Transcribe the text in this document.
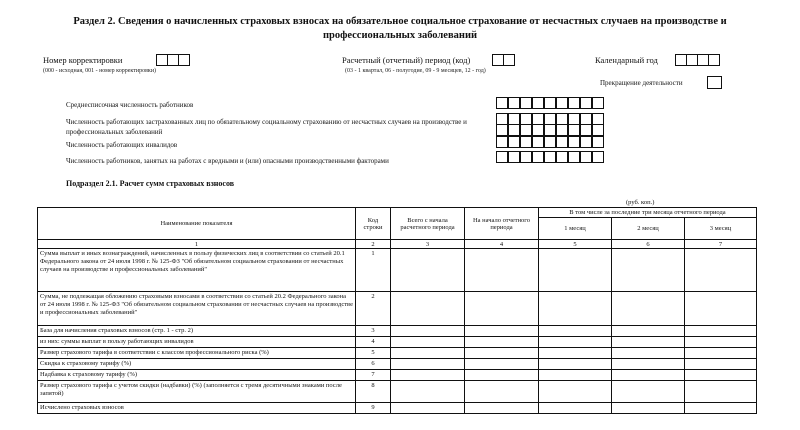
Раздел 2. Сведения о начисленных страховых взносах на обязательное социальное страхование от несчастных случаев на производстве и профессиональных заболеваний
Номер корректировки
(000 - исходная, 001 - номер корректировки)
Расчетный (отчетный) период (код)
(03 - 1 квартал, 06 - полугодие, 09 - 9 месяцев, 12 - год)
Календарный год
Прекращение деятельности
Среднесписочная численность работников
Численность работающих застрахованных лиц по обязательному социальному страхованию от несчастных случаев на производстве и профессиональных заболеваний
Численность работающих инвалидов
Численность работников, занятых на работах с вредными и (или) опасными производственными факторами
Подраздел 2.1. Расчет сумм страховых взносов
(руб. коп.)
Наименование показателя	Код строки	Всего с начала расчетного периода	На начало отчетного периода	В том числе за последние три месяца отчетного периода		
				1 месяц	2 месяц	3 месяц
1	2	3	4	5	6	7
Сумма выплат и иных вознаграждений, начисленных в пользу физических лиц в соответствии со статьей 20.1 Федерального закона от 24 июля 1998 г. № 125-ФЗ "Об обязательном социальном страховании от несчастных случаев на производстве и профессиональных заболеваний"	1					
Сумма, не подлежащая обложению страховыми взносами в соответствии со статьей 20.2 Федерального закона от 24 июля 1998 г. № 125-ФЗ "Об обязательном социальном страховании от несчастных случаев на производстве и профессиональных заболеваний"	2					
База для начисления страховых взносов (стр. 1 - стр. 2)	3					
из них: суммы выплат в пользу работающих инвалидов	4					
Размер страхового тарифа в соответствии с классом профессионального риска (%)	5					
Скидка к страховому тарифу (%)	6					
Надбавка к страховому тарифу (%)	7					
Размер страхового тарифа с учетом скидки (надбавки) (%) (заполняется с тремя десятичными знаками после запятой)	8					
Исчислено страховых взносов	9					
